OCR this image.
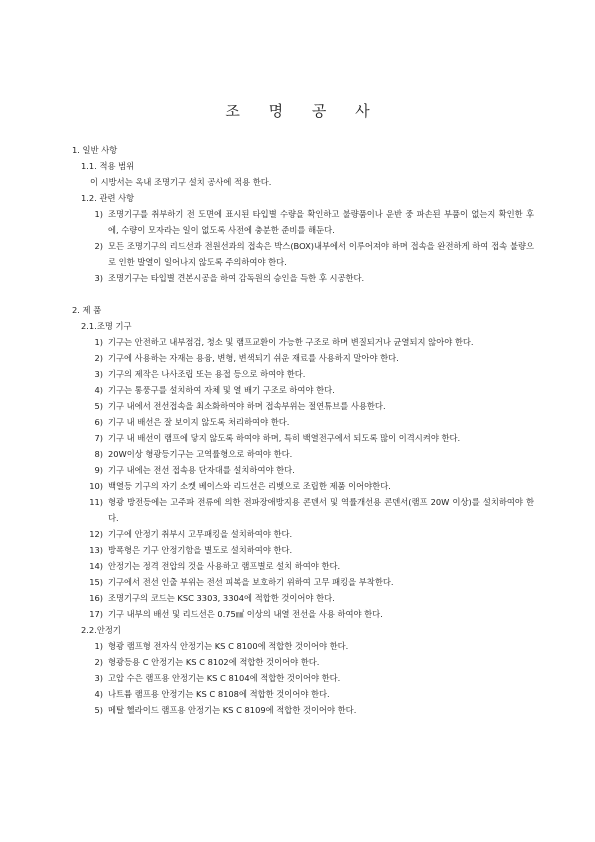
조 명 공 사

1. 일반 사항

1.1. 적용 범위

이 시방서는 옥내 조명기구 설치 공사에 적용 한다.

1.2. 관련 사항

1) 조명기구를 취부하기 전 도면에 표시된 타입별 수량을 확인하고 불량품이나 운반 중 파손된 부품이 없는지 확인한 후에, 수량이 모자라는 일이 없도록 사전에 충분한 준비를 해둔다.
2) 모든 조명기구의 리드선과 전원선과의 접속은 박스(BOX)내부에서 이루어져야 하며 접속을 완전하게 하여 접속 불량으로 인한 발열이 일어나지 않도록 주의하여야 한다.
3) 조명기구는 타입별 견본시공을 하여 감독원의 승인을 득한 후 시공한다.

2. 제 품

2.1.조명 기구

1) 기구는 안전하고 내부점검, 청소 및 램프교환이 가능한 구조로 하며 변질되거나 균열되지 않아야 한다.
2) 기구에 사용하는 자재는 용융, 변형, 변색되기 쉬운 재료를 사용하지 말아야 한다.
3) 기구의 제작은 나사조립 또는 용접 등으로 하여야 한다.
4) 기구는 통풍구를 설치하여 자체 및 열 배기 구조로 하여야 한다.
5) 기구 내에서 전선접속을 최소화하여야 하며 접속부위는 절연튜브를 사용한다.
6) 기구 내 배선은 잘 보이지 않도록 처리하여야 한다.
7) 기구 내 배선이 램프에 닿지 않도록 하여야 하며, 특히 백열전구에서 되도록 많이 이격시켜야 한다.
8) 20W이상 형광등기구는 고역률형으로 하여야 한다.
9) 기구 내에는 전선 접속용 단자대를 설치하여야 한다.
10) 백열등 기구의 자기 소켓 베이스와 리드선은 리벳으로 조립한 제품 이어야한다.
11) 형광 방전등에는 고주파 전류에 의한 전파장애방지용 콘덴서 및 역률개선용 콘덴서(램프 20W 이상)를 설치하여야 한다.
12) 기구에 안정기 취부시 고무패킹을 설치하여야 한다.
13) 방폭형은 기구 안정기함을 별도로 설치하여야 한다.
14) 안정기는 정격 전압의 것을 사용하고 램프별로 설치 하여야 한다.
15) 기구에서 전선 인출 부위는 전선 피복을 보호하기 위하여 고무 패킹을 부착한다.
16) 조명기구의 코드는 KSC 3303, 3304에 적합한 것이어야 한다.
17) 기구 내부의 배선 및 리드선은 0.75㎟ 이상의 내열 전선을 사용 하여야 한다.

2.2.안정기

1) 형광 램프형 전자식 안정기는 KS C 8100에 적합한 것이어야 한다.
2) 형광등용 C 안정기는 KS C 8102에 적합한 것이어야 한다.
3) 고압 수은 램프용 안정기는 KS C 8104에 적합한 것이어야 한다.
4) 나트륨 램프용 안정기는 KS C 8108에 적합한 것이어야 한다.
5) 메탈 헬라이드 램프용 안정기는 KS C 8109에 적합한 것이어야 한다.
